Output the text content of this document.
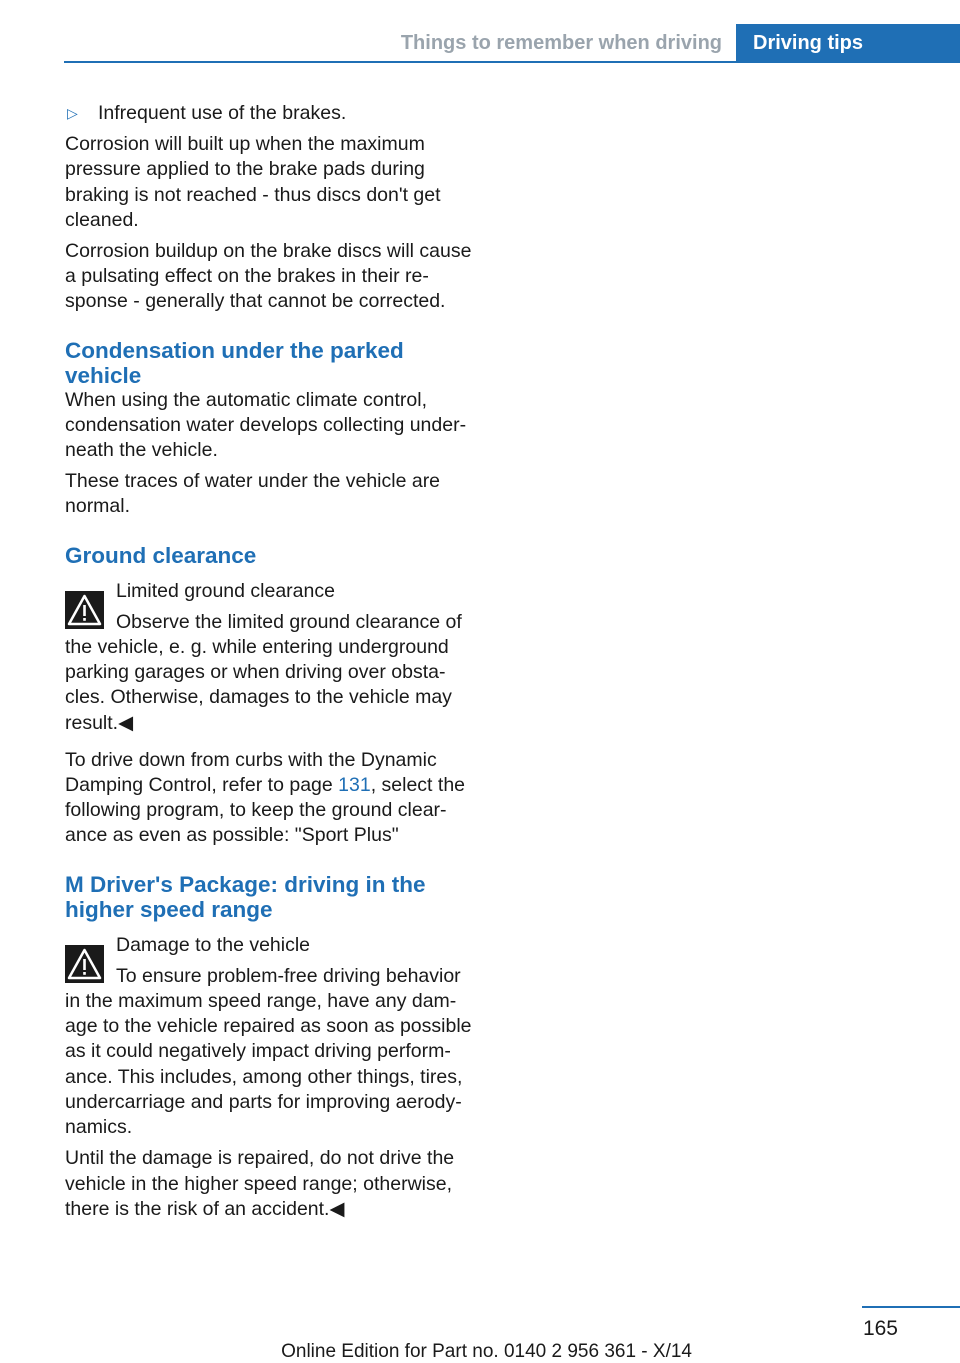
Things to remember when driving	Driving tips
▷ Infrequent use of the brakes.

Corrosion will built up when the maximum pressure applied to the brake pads during braking is not reached - thus discs don't get cleaned.

Corrosion buildup on the brake discs will cause a pulsating effect on the brakes in their re‐sponse - generally that cannot be corrected.

Condensation under the parked vehicle

When using the automatic climate control, condensation water develops collecting under‐neath the vehicle.

These traces of water under the vehicle are normal.

Ground clearance

Limited ground clearance

Observe the limited ground clearance of
the vehicle, e. g. while entering underground parking garages or when driving over obsta‐cles. Otherwise, damages to the vehicle may result.◀

To drive down from curbs with the Dynamic Damping Control, refer to page 131, select the following program, to keep the ground clear‐ance as even as possible: "Sport Plus"

M Driver's Package: driving in the higher speed range

Damage to the vehicle

To ensure problem-free driving behavior
in the maximum speed range, have any dam‐age to the vehicle repaired as soon as possible as it could negatively impact driving perform‐ance. This includes, among other things, tires, undercarriage and parts for improving aerody‐namics.

Until the damage is repaired, do not drive the vehicle in the higher speed range; otherwise, there is the risk of an accident.◀

165
Online Edition for Part no. 0140 2 956 361 - X/14
